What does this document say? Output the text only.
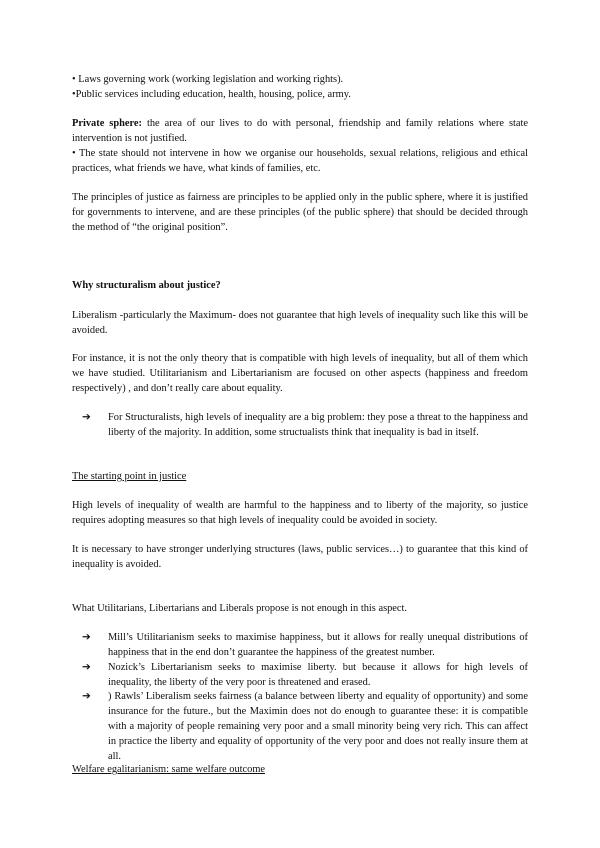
• Laws governing work (working legislation and working rights).

•Public services including education, health, housing, police, army.

Private sphere: the area of our lives to do with personal, friendship and family relations where state intervention is not justified.

• The state should not intervene in how we organise our households, sexual relations, religious and ethical practices, what friends we have, what kinds of families, etc.

The principles of justice as fairness are principles to be applied only in the public sphere, where it is justified for governments to intervene, and are these principles (of the public sphere) that should be decided through the method of “the original position”.

Why structuralism about justice?

Liberalism -particularly the Maximum- does not guarantee that high levels of inequality such like this will be avoided.

For instance, it is not the only theory that is compatible with high levels of inequality, but all of them which we have studied. Utilitarianism and Libertarianism are focused on other aspects (happiness and freedom respectively) , and don’t really care about equality.

➔ For Structuralists, high levels of inequality are a big problem: they pose a threat to the happiness and liberty of the majority. In addition, some structualists think that inequality is bad in itself.

The starting point in justice

High levels of inequality of wealth are harmful to the happiness and to liberty of the majority, so justice requires adopting measures so that high levels of inequality could be avoided in society.

It is necessary to have stronger underlying structures (laws, public services…) to guarantee that this kind of inequality is avoided.

What Utilitarians, Libertarians and Liberals propose is not enough in this aspect.

➔ Mill’s Utilitarianism seeks to maximise happiness, but it allows for really unequal distributions of happiness that in the end don’t guarantee the happiness of the greatest number.

➔ Nozick’s Libertarianism seeks to maximise liberty. but because it allows for high levels of inequality, the liberty of the very poor is threatened and erased.

➔ ) Rawls’ Liberalism seeks fairness (a balance between liberty and equality of opportunity) and some insurance for the future., but the Maximin does not do enough to guarantee these: it is compatible with a majority of people remaining very poor and a small minority being very rich. This can affect in practice the liberty and equality of opportunity of the very poor and does not really insure them at all.

Welfare egalitarianism: same welfare outcome
